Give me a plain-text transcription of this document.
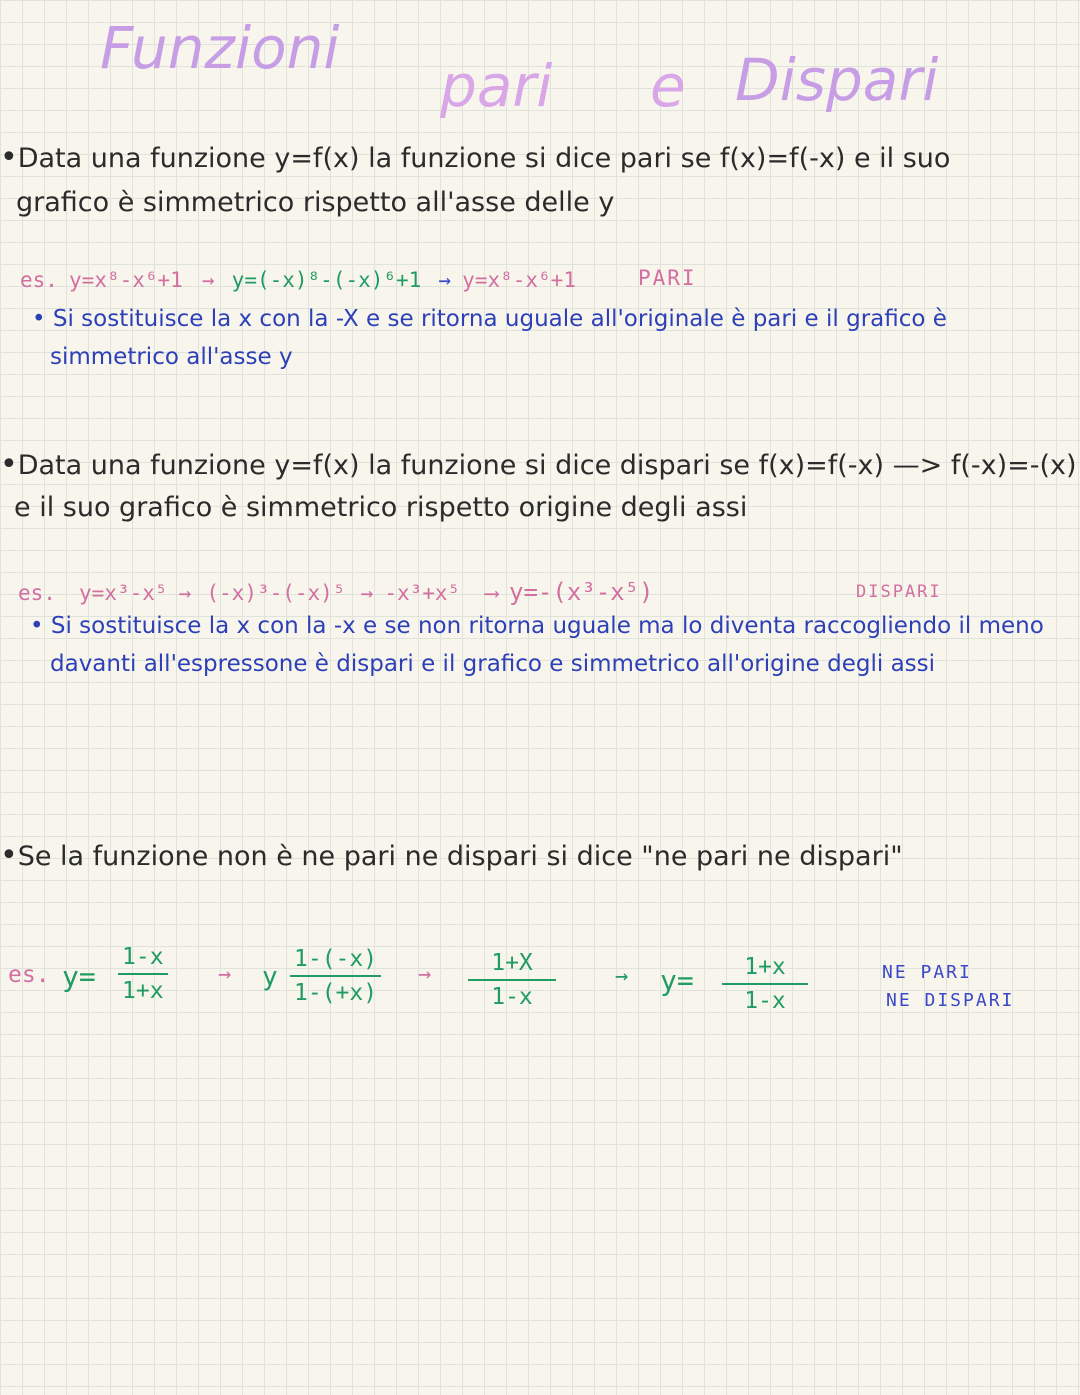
Funzioni
pari e Dispari
•Data una funzione y=f(x) la funzione si dice pari se f(x)=f(-x) e il suo
grafico è simmetrico rispetto all'asse delle y
es. y=x⁸-x⁶+1 → y=(-x)⁸-(-x)⁶+1 → y=x⁸-x⁶+1	PARI
• Si sostituisce la x con la -X e se ritorna uguale all'originale è pari e il grafico è
simmetrico all'asse y
•Data una funzione y=f(x) la funzione si dice dispari se f(x)=f(-x) —> f(-x)=-(x)
e il suo grafico è simmetrico rispetto origine degli assi
es. y=x³-x⁵ → (-x)³-(-x)⁵ → -x³+x⁵ ⟶ y=-(x³-x⁵)	DISPARI
• Si sostituisce la x con la -x e se non ritorna uguale ma lo diventa raccogliendo il meno
davanti all'espressone è dispari e il grafico e simmetrico all'origine degli assi
•Se la funzione non è ne pari ne dispari si dice "ne pari ne dispari"
es. $y= \frac{1-x}{1+x} \to y \frac{1-(-x)}{1-(+x)} \to \frac{1+X}{1-x}$	→ $y= \frac{1+x}{1-x}$	NE PARI
NE DISPARI
